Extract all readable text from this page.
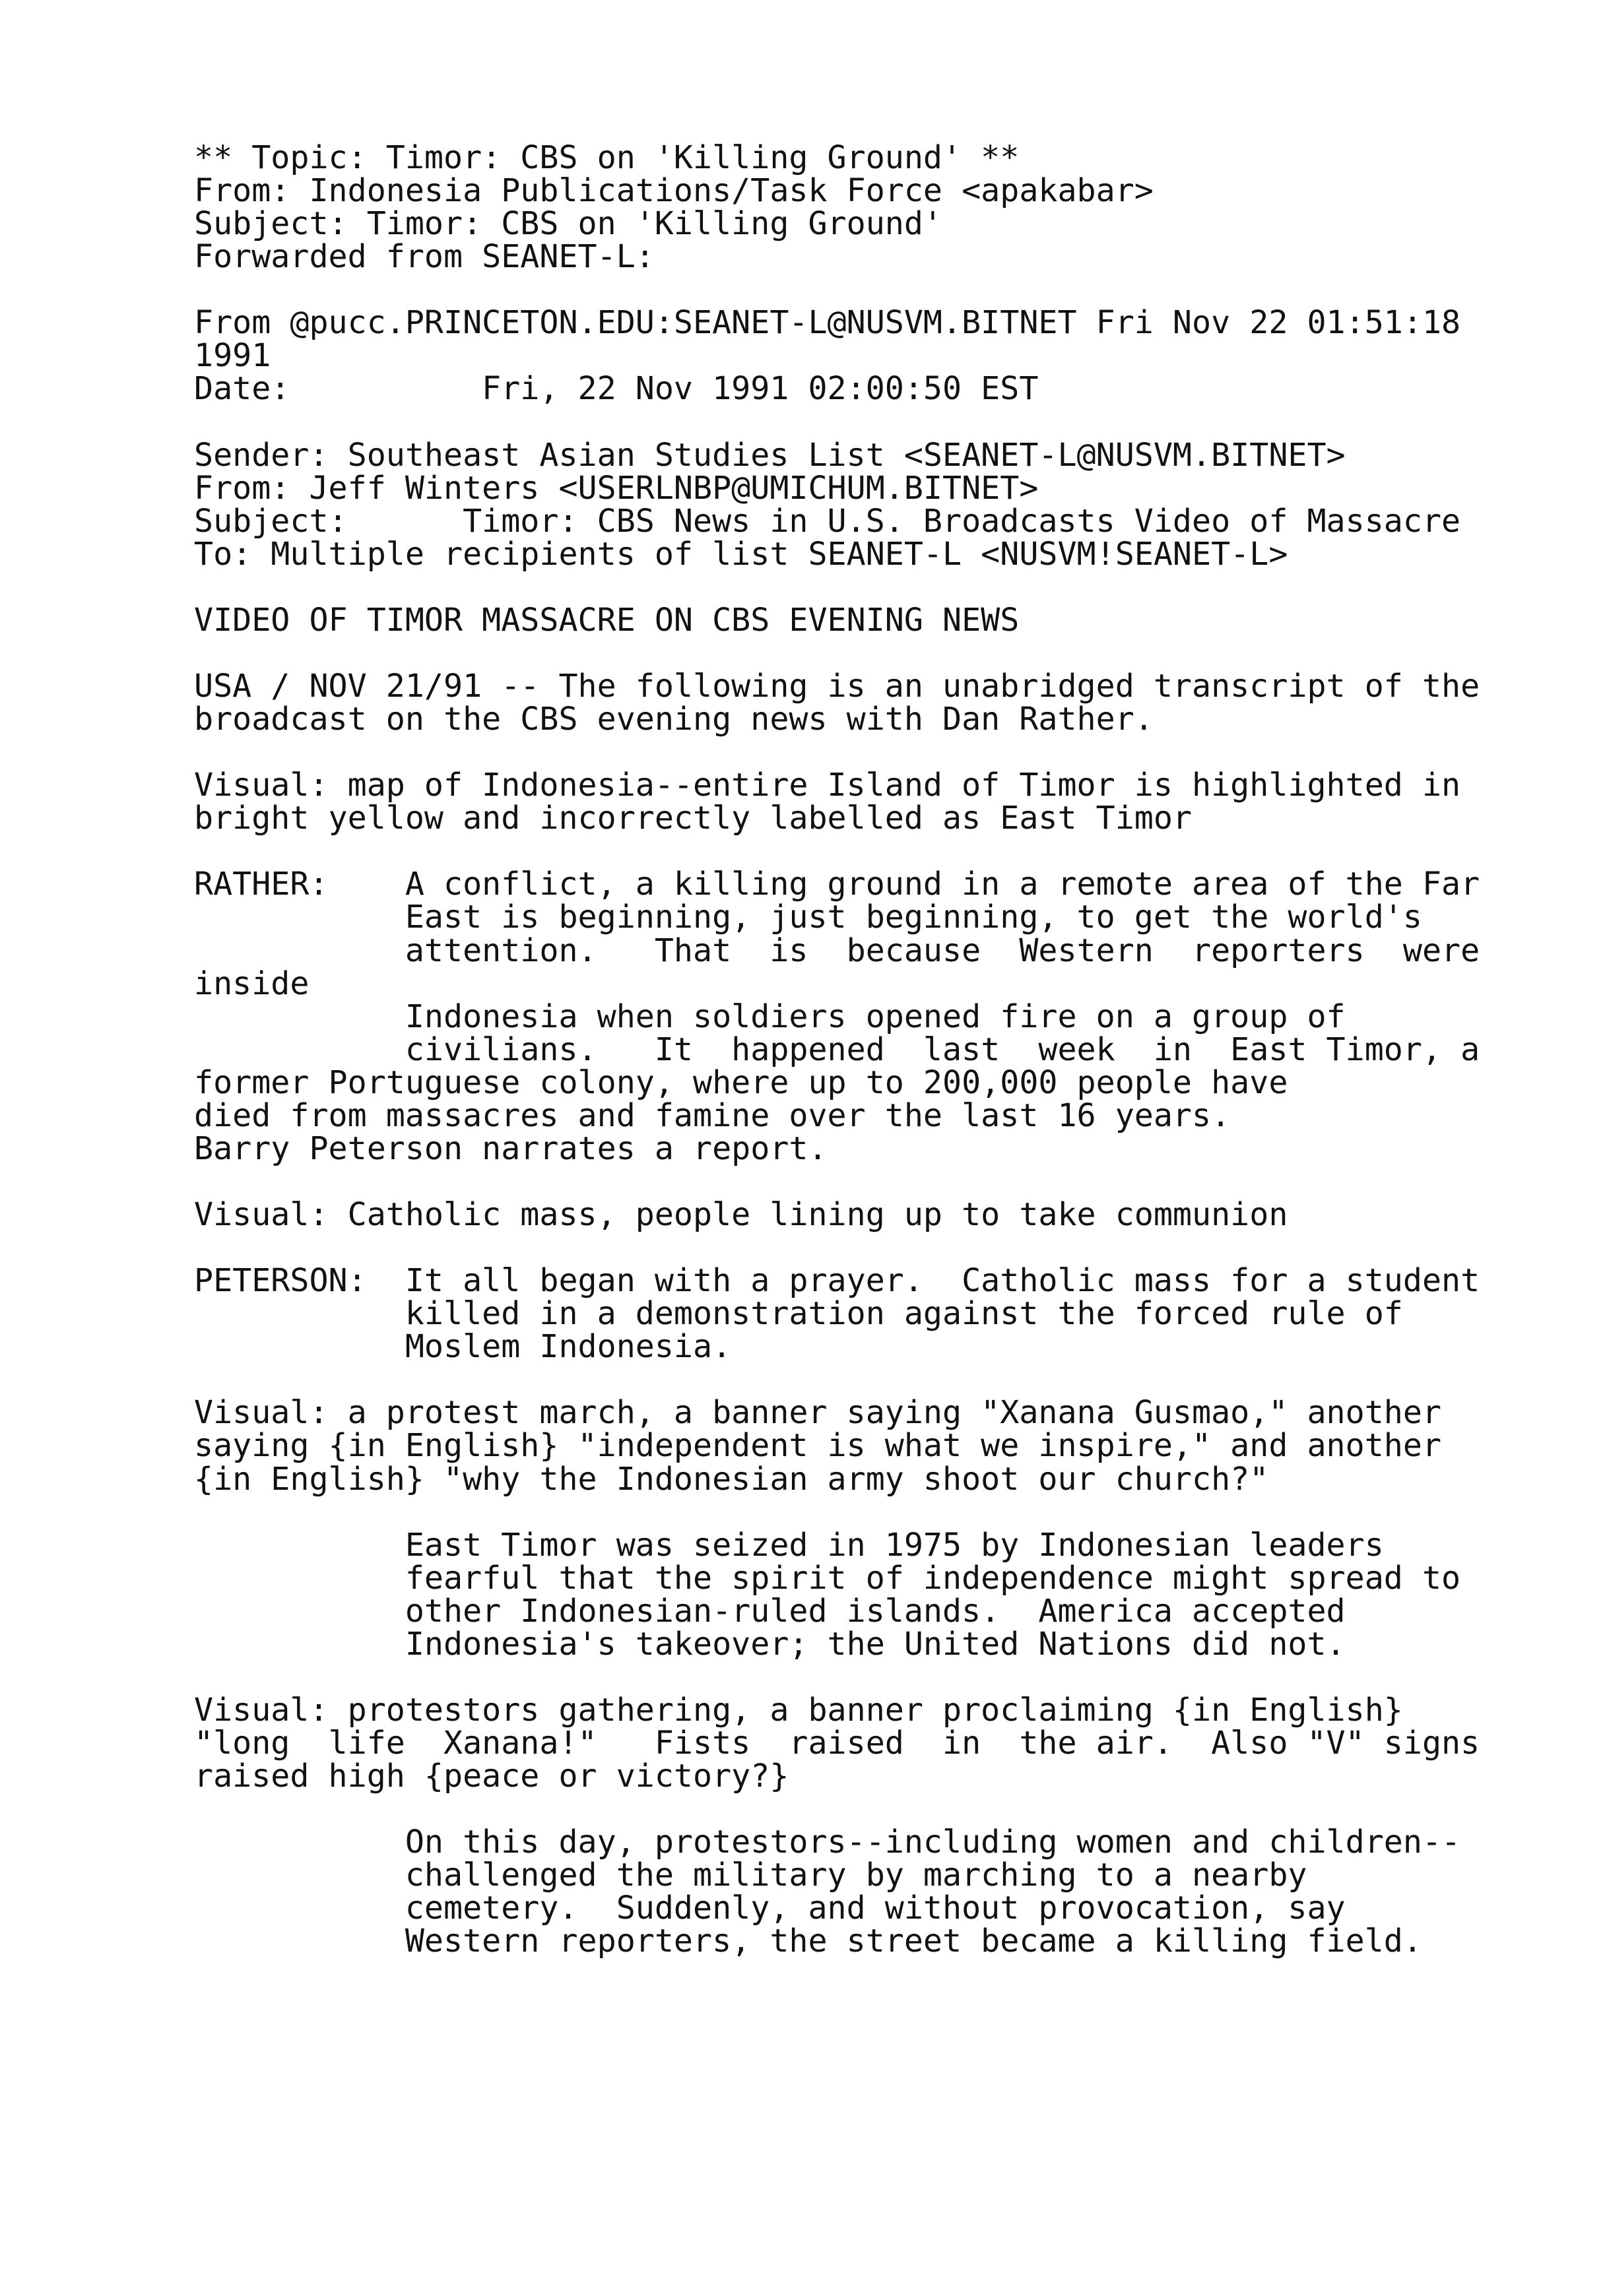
** Topic: Timor: CBS on 'Killing Ground' **
From: Indonesia Publications/Task Force <apakabar>
Subject: Timor: CBS on 'Killing Ground'
Forwarded from SEANET-L:
From @pucc.PRINCETON.EDU:SEANET-L@NUSVM.BITNET Fri Nov 22 01:51:18
1991
Date:          Fri, 22 Nov 1991 02:00:50 EST
Sender: Southeast Asian Studies List <SEANET-L@NUSVM.BITNET>
From: Jeff Winters <USERLNBP@UMICHUM.BITNET>
Subject:      Timor: CBS News in U.S. Broadcasts Video of Massacre
To: Multiple recipients of list SEANET-L <NUSVM!SEANET-L>
VIDEO OF TIMOR MASSACRE ON CBS EVENING NEWS
USA / NOV 21/91 -- The following is an unabridged transcript of the
broadcast on the CBS evening news with Dan Rather.
Visual: map of Indonesia--entire Island of Timor is highlighted in
bright yellow and incorrectly labelled as East Timor
RATHER:    A conflict, a killing ground in a remote area of the Far
East is beginning, just beginning, to get the world's
attention.   That  is  because  Western  reporters  were
inside
Indonesia when soldiers opened fire on a group of
civilians.   It  happened  last  week  in  East Timor, a
former Portuguese colony, where up to 200,000 people have
died from massacres and famine over the last 16 years.
Barry Peterson narrates a report.
Visual: Catholic mass, people lining up to take communion
PETERSON:  It all began with a prayer.  Catholic mass for a student
killed in a demonstration against the forced rule of
Moslem Indonesia.
Visual: a protest march, a banner saying "Xanana Gusmao," another
saying {in English} "independent is what we inspire," and another
{in English} "why the Indonesian army shoot our church?"
East Timor was seized in 1975 by Indonesian leaders
fearful that the spirit of independence might spread to
other Indonesian-ruled islands.  America accepted
Indonesia's takeover; the United Nations did not.
Visual: protestors gathering, a banner proclaiming {in English}
"long  life  Xanana!"   Fists  raised  in  the air.  Also "V" signs
raised high {peace or victory?}
On this day, protestors--including women and children--
challenged the military by marching to a nearby
cemetery.  Suddenly, and without provocation, say
Western reporters, the street became a killing field.
